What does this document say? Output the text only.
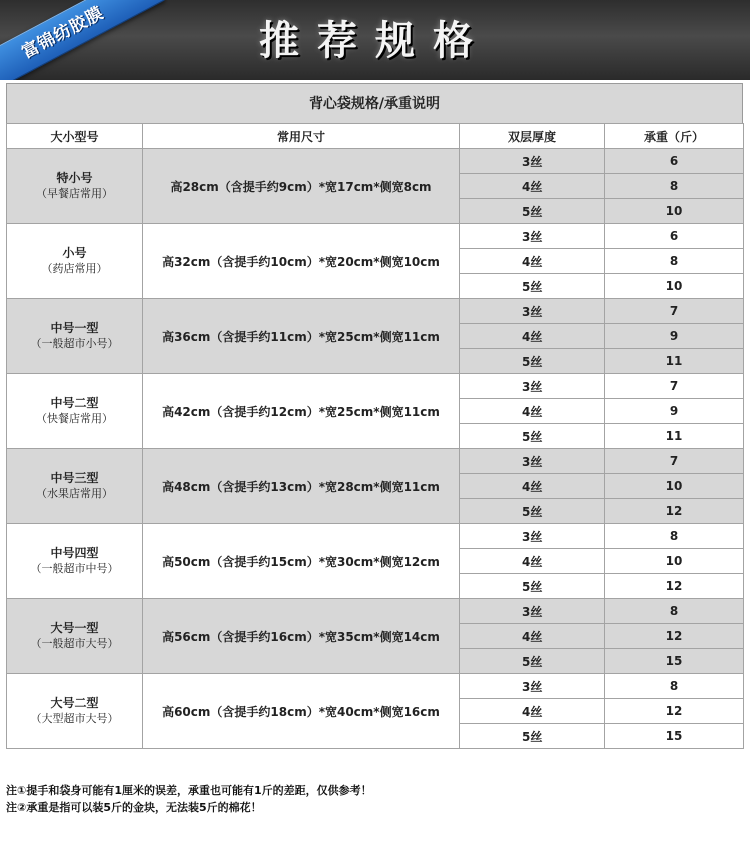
推荐规格
富锦纺胶膜
背心袋规格/承重说明
大小型号	常用尺寸	双层厚度	承重（斤）
特小号
（早餐店常用）	高28cm（含提手约9cm）*宽17cm*侧宽8cm	3丝	6
		4丝	8
		5丝	10
小号
（药店常用）	高32cm（含提手约10cm）*宽20cm*侧宽10cm	3丝	6
		4丝	8
		5丝	10
中号一型
（一般超市小号）	高36cm（含提手约11cm）*宽25cm*侧宽11cm	3丝	7
		4丝	9
		5丝	11
中号二型
（快餐店常用）	高42cm（含提手约12cm）*宽25cm*侧宽11cm	3丝	7
		4丝	9
		5丝	11
中号三型
（水果店常用）	高48cm（含提手约13cm）*宽28cm*侧宽11cm	3丝	7
		4丝	10
		5丝	12
中号四型
（一般超市中号）	高50cm（含提手约15cm）*宽30cm*侧宽12cm	3丝	8
		4丝	10
		5丝	12
大号一型
（一般超市大号）	高56cm（含提手约16cm）*宽35cm*侧宽14cm	3丝	8
		4丝	12
		5丝	15
大号二型
（大型超市大号）	高60cm（含提手约18cm）*宽40cm*侧宽16cm	3丝	8
		4丝	12
		5丝	15
注①提手和袋身可能有1厘米的误差，承重也可能有1斤的差距，仅供参考！
注②承重是指可以装5斤的金块，无法装5斤的棉花！
